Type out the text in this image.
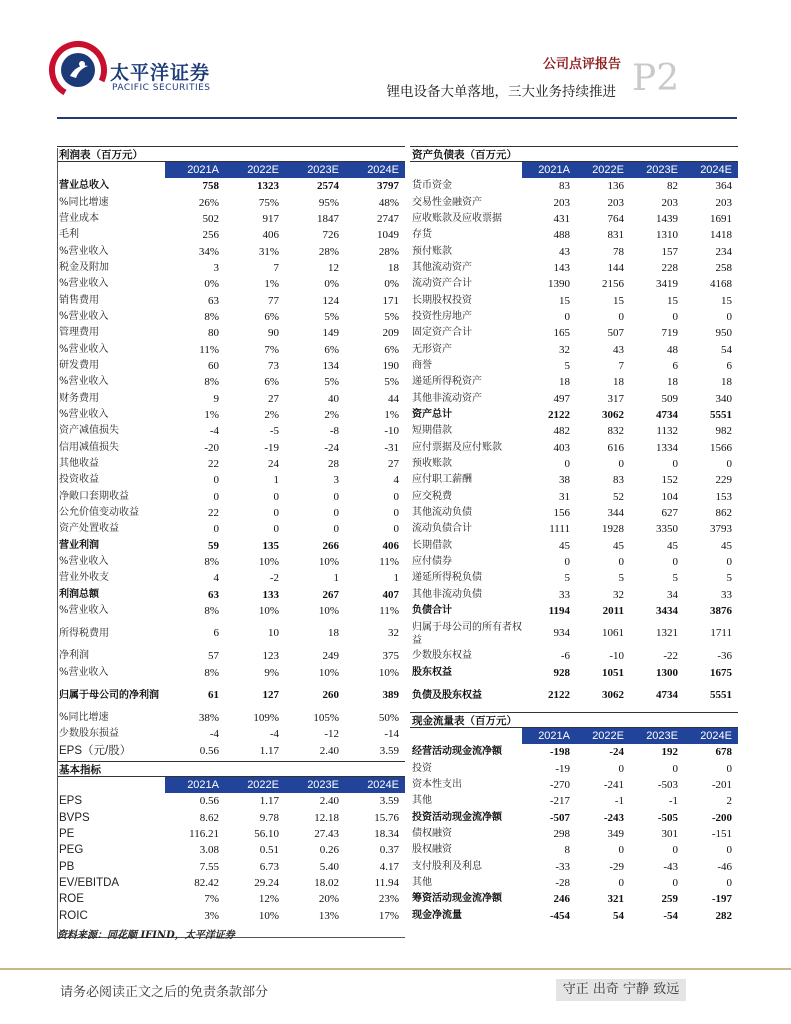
太平洋证券
PACIFIC SECURITIES
公司点评报告
锂电设备大单落地，三大业务持续推进 P2
利润表（百万元）
	2021A	2022E	2023E	2024E
营业总收入	758	1323	2574	3797
%同比增速	26%	75%	95%	48%
营业成本	502	917	1847	2747
毛利	256	406	726	1049
%营业收入	34%	31%	28%	28%
税金及附加	3	7	12	18
%营业收入	0%	1%	0%	0%
销售费用	63	77	124	171
%营业收入	8%	6%	5%	5%
管理费用	80	90	149	209
%营业收入	11%	7%	6%	6%
研发费用	60	73	134	190
%营业收入	8%	6%	5%	5%
财务费用	9	27	40	44
%营业收入	1%	2%	2%	1%
资产减值损失	-4	-5	-8	-10
信用减值损失	-20	-19	-24	-31
其他收益	22	24	28	27
投资收益	0	1	3	4
净敞口套期收益	0	0	0	0
公允价值变动收益	22	0	0	0
资产处置收益	0	0	0	0
营业利润	59	135	266	406
%营业收入	8%	10%	10%	11%
营业外收支	4	-2	1	1
利润总额	63	133	267	407
%营业收入	8%	10%	10%	11%
所得税费用	6	10	18	32
净利润	57	123	249	375
%营业收入	8%	9%	10%	10%
归属于母公司的净利润	61	127	260	389
%同比增速	38%	109%	105%	50%
少数股东损益	-4	-4	-12	-14
EPS（元/股）	0.56	1.17	2.40	3.59
基本指标
	2021A	2022E	2023E	2024E
EPS	0.56	1.17	2.40	3.59
BVPS	8.62	9.78	12.18	15.76
PE	116.21	56.10	27.43	18.34
PEG	3.08	0.51	0.26	0.37
PB	7.55	6.73	5.40	4.17
EV/EBITDA	82.42	29.24	18.02	11.94
ROE	7%	12%	20%	23%
ROIC	3%	10%	13%	17%
资产负债表（百万元）
	2021A	2022E	2023E	2024E
货币资金	83	136	82	364
交易性金融资产	203	203	203	203
应收账款及应收票据	431	764	1439	1691
存货	488	831	1310	1418
预付账款	43	78	157	234
其他流动资产	143	144	228	258
流动资产合计	1390	2156	3419	4168
长期股权投资	15	15	15	15
投资性房地产	0	0	0	0
固定资产合计	165	507	719	950
无形资产	32	43	48	54
商誉	5	7	6	6
递延所得税资产	18	18	18	18
其他非流动资产	497	317	509	340
资产总计	2122	3062	4734	5551
短期借款	482	832	1132	982
应付票据及应付账款	403	616	1334	1566
预收账款	0	0	0	0
应付职工薪酬	38	83	152	229
应交税费	31	52	104	153
其他流动负债	156	344	627	862
流动负债合计	1111	1928	3350	3793
长期借款	45	45	45	45
应付债券	0	0	0	0
递延所得税负债	5	5	5	5
其他非流动负债	33	32	34	33
负债合计	1194	2011	3434	3876
归属于母公司的所有者权益	934	1061	1321	1711
少数股东权益	-6	-10	-22	-36
股东权益	928	1051	1300	1675
负债及股东权益	2122	3062	4734	5551
现金流量表（百万元）
	2021A	2022E	2023E	2024E
经营活动现金流净额	-198	-24	192	678
投资	-19	0	0	0
资本性支出	-270	-241	-503	-201
其他	-217	-1	-1	2
投资活动现金流净额	-507	-243	-505	-200
债权融资	298	349	301	-151
股权融资	8	0	0	0
支付股利及利息	-33	-29	-43	-46
其他	-28	0	0	0
筹资活动现金流净额	246	321	259	-197
现金净流量	-454	54	-54	282
资料来源：同花顺 IFIND，太平洋证券
请务必阅读正文之后的免责条款部分	守正 出奇 宁静 致远
